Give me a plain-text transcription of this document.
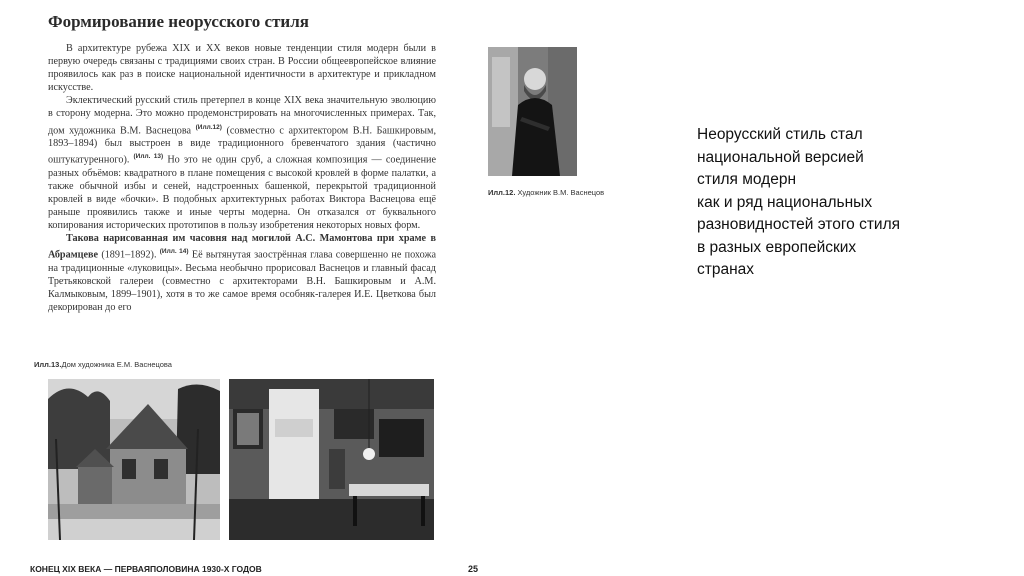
Формирование неорусского стиля

В архитектуре рубежа XIX и XX веков новые тенденции стиля модерн были в первую очередь связаны с традициями своих стран. В России общеевропейское влияние проявилось как раз в поиске национальной идентичности в архитектуре и прикладном искусстве.

Эклектический русский стиль претерпел в конце XIX века значительную эволюцию в сторону модерна. Это можно продемонстрировать на многочисленных примерах. Так, дом художника В.М. Васнецова $^{(Илл.12)}$ (совместно с архитектором В.Н. Башкировым, 1893–1894) был выстроен в виде традиционного бревенчатого здания (частично оштукатуренного). $^{(Илл. 13)}$ Но это не один сруб, а сложная композиция — соединение разных объёмов: квадратного в плане помещения с высокой кровлей в форме палатки, а также обычной избы и сеней, надстроенных башенкой, перекрытой традиционной кровлей в виде «бочки». В подобных архитектурных работах Виктора Васнецова ещё раньше проявились также и иные черты модерна. Он отказался от буквального копирования исторических прототипов в пользу изобретения некоторых новых форм.

Такова нарисованная им часовня над могилой А.С. Мамонтова при храме в Абрамцеве (1891–1892). $^{(Илл. 14)}$ Её вытянутая заострённая глава совершенно не похожа на традиционные «луковицы». Весьма необычно прорисовал Васнецов и главный фасад Третьяковской галереи (совместно с архитекторами В.Н. Башкировым и А.М. Калмыковым, 1899–1901), хотя в то же самое время особняк-галерея И.Е. Цветкова был декорирован до его

Илл.12. Художник В.М. Васнецов
Илл.13.Дом художника Е.М. Васнецова
КОНЕЦ XIX ВЕКА — ПЕРВАЯПОЛОВИНА 1930-Х ГОДОВ	25
Неорусский стиль стал
национальной версией
стиля модерн
как и ряд национальных
разновидностей этого стиля
в разных европейских
странах
